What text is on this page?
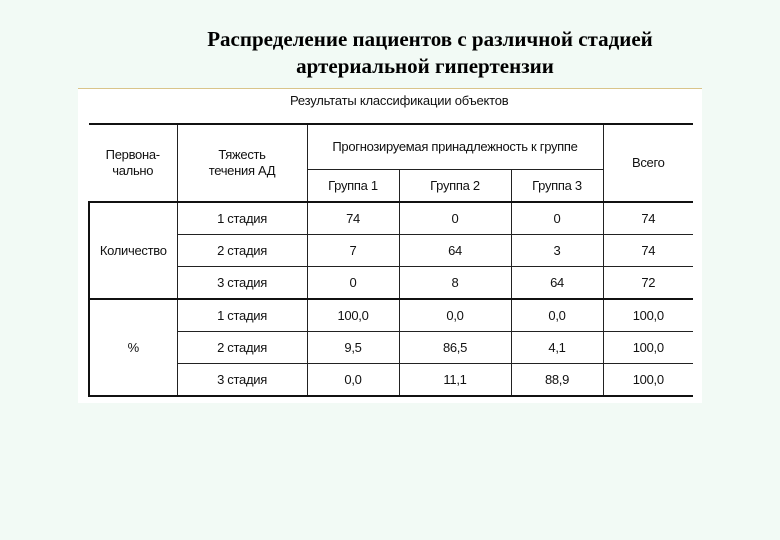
Распределение пациентов с различной стадией
артериальной гипертензии
Результаты классификации объектов
Первона-
чально	Тяжесть
течения АД	Прогнозируемая принадлежность к группе			Всего
		Группа 1	Группа 2	Группа 3	
Количество	1 стадия	74	0	0	74
	2 стадия	7	64	3	74
	3 стадия	0	8	64	72
%	1 стадия	100,0	0,0	0,0	100,0
	2 стадия	9,5	86,5	4,1	100,0
	3 стадия	0,0	11,1	88,9	100,0
